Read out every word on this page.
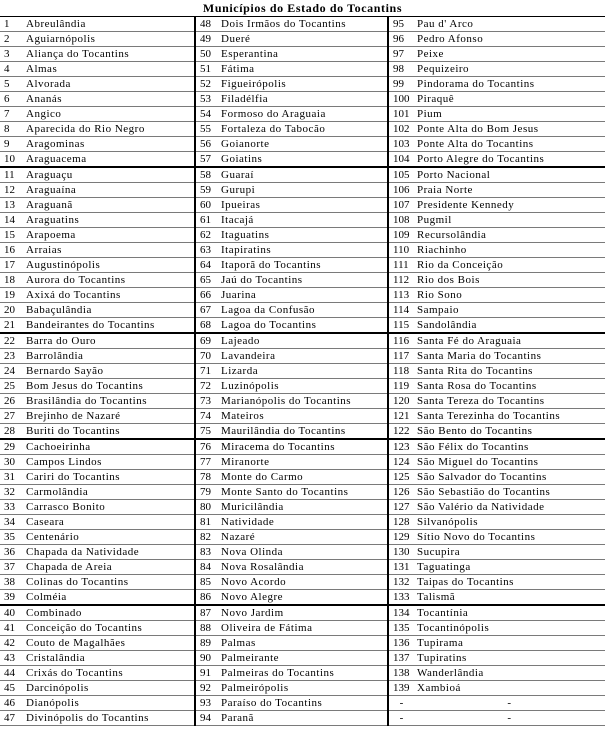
Municípios do Estado do Tocantins
1	Abreulândia	48	Dois Irmãos do Tocantins	95	Pau d' Arco
2	Aguiarnópolis	49	Dueré	96	Pedro Afonso
3	Aliança do Tocantins	50	Esperantina	97	Peixe
4	Almas	51	Fátima	98	Pequizeiro
5	Alvorada	52	Figueirópolis	99	Pindorama do Tocantins
6	Ananás	53	Filadélfia	100	Piraquê
7	Angico	54	Formoso do Araguaia	101	Pium
8	Aparecida do Rio Negro	55	Fortaleza do Tabocão	102	Ponte Alta do Bom Jesus
9	Aragominas	56	Goianorte	103	Ponte Alta do Tocantins
10	Araguacema	57	Goiatins	104	Porto Alegre do Tocantins
11	Araguaçu	58	Guaraí	105	Porto Nacional
12	Araguaína	59	Gurupi	106	Praia Norte
13	Araguanã	60	Ipueiras	107	Presidente Kennedy
14	Araguatins	61	Itacajá	108	Pugmil
15	Arapoema	62	Itaguatins	109	Recursolândia
16	Arraias	63	Itapiratins	110	Riachinho
17	Augustinópolis	64	Itaporã do Tocantins	111	Rio da Conceição
18	Aurora do Tocantins	65	Jaú do Tocantins	112	Rio dos Bois
19	Axixá do Tocantins	66	Juarina	113	Rio Sono
20	Babaçulândia	67	Lagoa da Confusão	114	Sampaio
21	Bandeirantes do Tocantins	68	Lagoa do Tocantins	115	Sandolândia
22	Barra do Ouro	69	Lajeado	116	Santa Fé do Araguaia
23	Barrolândia	70	Lavandeira	117	Santa Maria do Tocantins
24	Bernardo Sayão	71	Lizarda	118	Santa Rita do Tocantins
25	Bom Jesus do Tocantins	72	Luzinópolis	119	Santa Rosa do Tocantins
26	Brasilândia do Tocantins	73	Marianópolis do Tocantins	120	Santa Tereza do Tocantins
27	Brejinho de Nazaré	74	Mateiros	121	Santa Terezinha do Tocantins
28	Buriti do Tocantins	75	Maurilândia do Tocantins	122	São Bento do Tocantins
29	Cachoeirinha	76	Miracema do Tocantins	123	São Félix do Tocantins
30	Campos Lindos	77	Miranorte	124	São Miguel do Tocantins
31	Cariri do Tocantins	78	Monte do Carmo	125	São Salvador do Tocantins
32	Carmolândia	79	Monte Santo do Tocantins	126	São Sebastião do Tocantins
33	Carrasco Bonito	80	Muricilândia	127	São Valério da Natividade
34	Caseara	81	Natividade	128	Silvanópolis
35	Centenário	82	Nazaré	129	Sítio Novo do Tocantins
36	Chapada da Natividade	83	Nova Olinda	130	Sucupira
37	Chapada de Areia	84	Nova Rosalândia	131	Taguatinga
38	Colinas do Tocantins	85	Novo Acordo	132	Taipas do Tocantins
39	Colméia	86	Novo Alegre	133	Talismã
40	Combinado	87	Novo Jardim	134	Tocantínia
41	Conceição do Tocantins	88	Oliveira de Fátima	135	Tocantinópolis
42	Couto de Magalhães	89	Palmas	136	Tupirama
43	Cristalândia	90	Palmeirante	137	Tupiratins
44	Crixás do Tocantins	91	Palmeiras do Tocantins	138	Wanderlândia
45	Darcinópolis	92	Palmeirópolis	139	Xambioá
46	Dianópolis	93	Paraíso do Tocantins	-	-
47	Divinópolis do Tocantins	94	Paranã	-	-
